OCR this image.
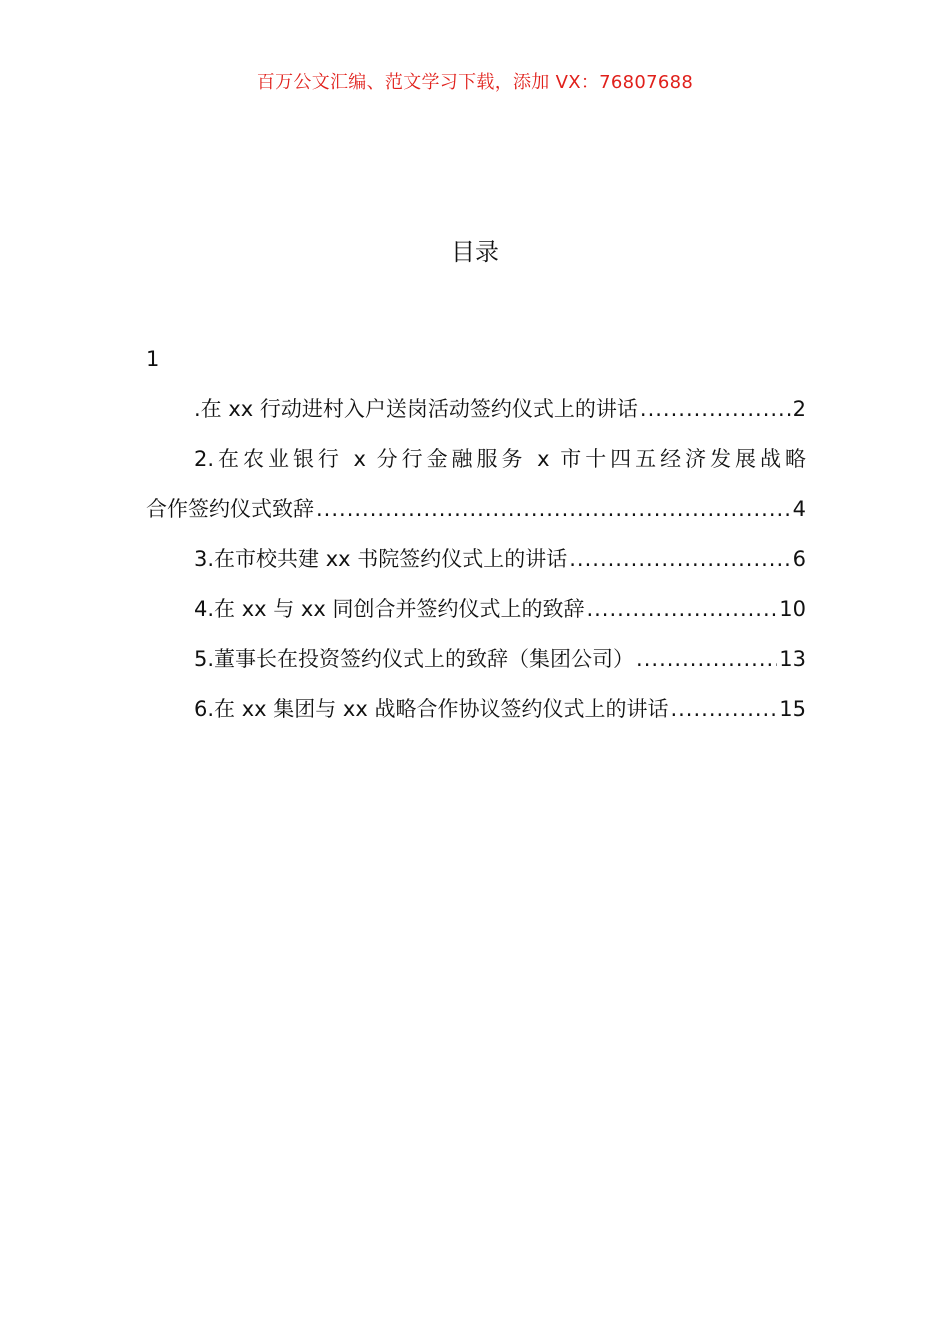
百万公文汇编、范文学习下载，添加 VX：76807688
目录
1
.在 xx 行动进村入户送岗活动签约仪式上的讲话 .....	2
2.在农业银行 x 分行金融服务 x 市十四五经济发展战略
合作签约仪式致辞 .....	4
3.在市校共建 xx 书院签约仪式上的讲话 .....	6
4.在 xx 与 xx 同创合并签约仪式上的致辞 .....	10
5.董事长在投资签约仪式上的致辞（集团公司） .....	13
6.在 xx 集团与 xx 战略合作协议签约仪式上的讲话 .....	15
